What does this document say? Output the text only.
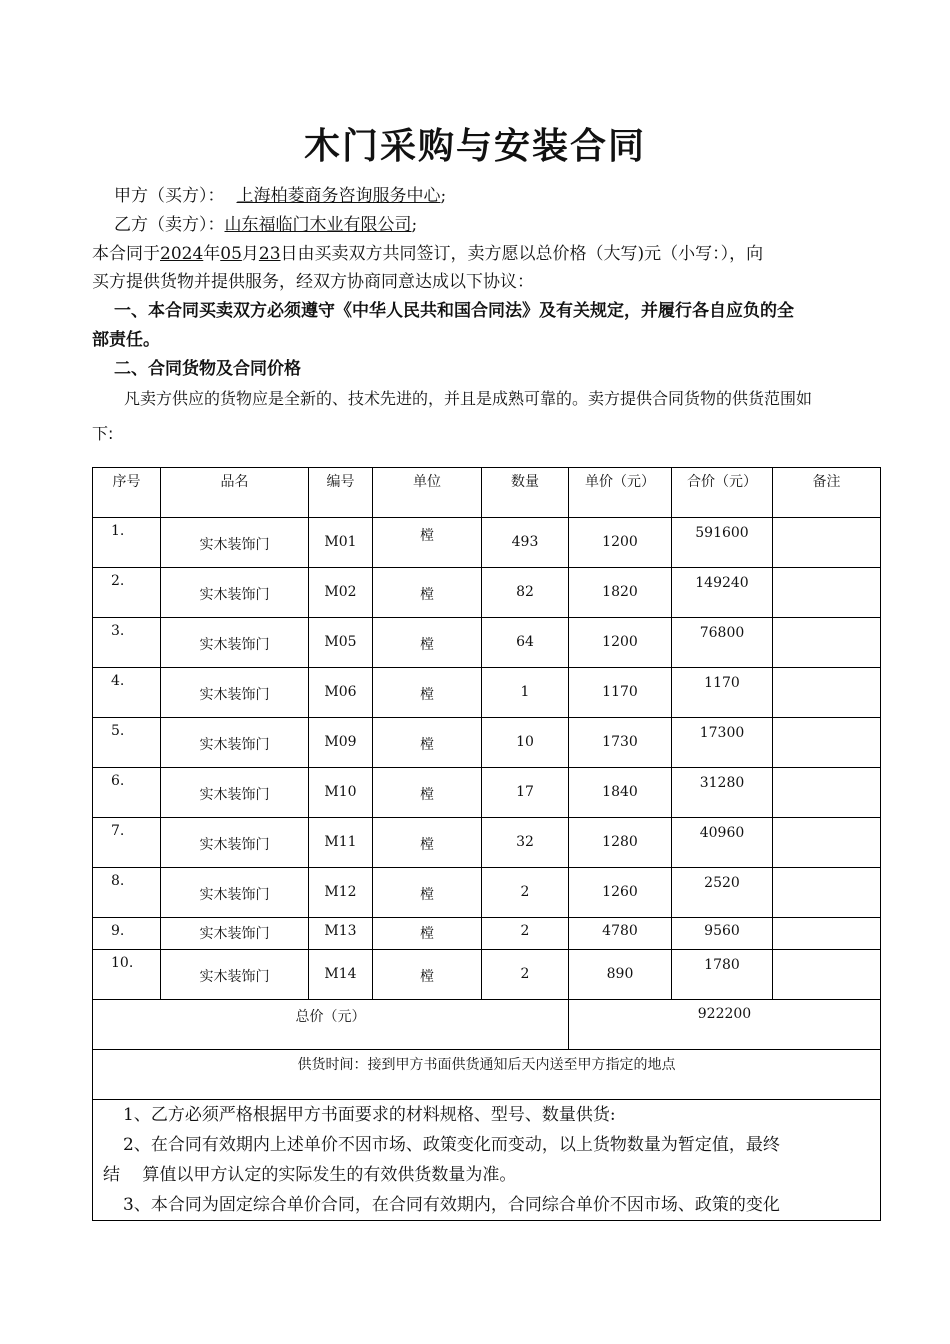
木门采购与安装合同
甲方（买方）： 上海柏菱商务咨询服务中心;
乙方（卖方）：山东福临门木业有限公司;
本合同于2024年05月23日由买卖双方共同签订，卖方愿以总价格（大写)元（小写：），向
买方提供货物并提供服务，经双方协商同意达成以下协议：
一、本合同买卖双方必须遵守《中华人民共和国合同法》及有关规定，并履行各自应负的全
部责任。
二、合同货物及合同价格
凡卖方供应的货物应是全新的、技术先进的，并且是成熟可靠的。卖方提供合同货物的供货范围如
下:
序号	品名	编号	单位	数量	单价（元）	合价（元）	备注

1.	实木装饰门	M01	樘	493	1200	591600	

2.	实木装饰门	M02	樘	82	1820	149240	

3.	实木装饰门	M05	樘	64	1200	76800	

4.	实木装饰门	M06	樘	1	1170	1170	

5.	实木装饰门	M09	樘	10	1730	17300	

6.	实木装饰门	M10	樘	17	1840	31280	

7.	实木装饰门	M11	樘	32	1280	40960	

8.	实木装饰门	M12	樘	2	1260	2520	

9.	实木装饰门	M13	樘	2	4780	9560	

10.	实木装饰门	M14	樘	2	890	1780	

总价（元）					922200		

供货时间：接到甲方书面供货通知后天内送至甲方指定的地点							

1、乙方必须严格根据甲方书面要求的材料规格、型号、数量供货:

2、在合同有效期内上述单价不因市场、政策变化而变动，以上货物数量为暂定值，最终

结　 算值以甲方认定的实际发生的有效供货数量为准。

3、本合同为固定综合单价合同，在合同有效期内，合同综合单价不因市场、政策的变化							
